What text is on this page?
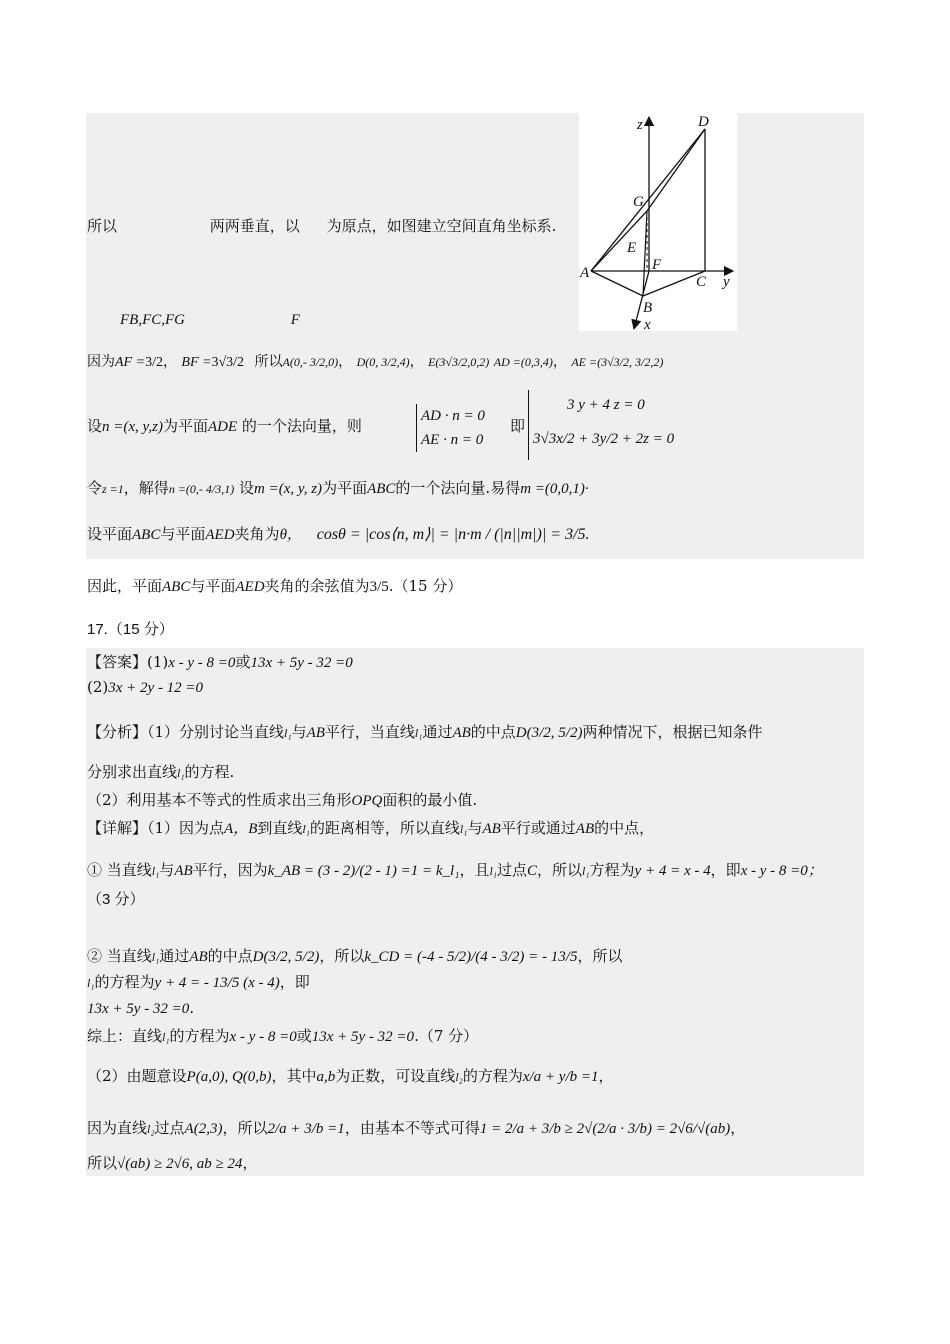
z	D
G
E
A	F
C y
B
x
所以	两两垂直，以 为原点，如图建立空间直角坐标系.
FB,FC,FG	F
因为AF =3/2， BF =3√3/2 所以A(0,- 3/2,0)， D(0, 3/2,4)， E(3√3/2,0,2) AD =(0,3,4)， AE =(3√3/2, 3/2,2)
3 y + 4 z = 0
设n =(x, y,z)为平面ADE 的一个法向量，则
AD · n = 0
AE · n = 0
即
3√3x/2 + 3y/2 + 2z = 0
令z =1，解得n =(0,- 4/3,1) 设m =(x, y, z)为平面ABC的一个法向量.易得m =(0,0,1)·
设平面ABC与平面AED夹角为θ， cosθ = |cos⟨n, m⟩| = |n·m / (|n||m|)| = 3/5.
因此，平面ABC与平面AED夹角的余弦值为3/5.（15 分）
17.（15 分）
【答案】(1)x - y - 8 =0或13x + 5y - 32 =0
(2)3x + 2y - 12 =0
【分析】（1）分别讨论当直线l₁与AB平行，当直线l₁通过AB的中点D(3/2, 5/2)两种情况下，根据已知条件
分别求出直线l₁的方程.
（2）利用基本不等式的性质求出三角形OPQ面积的最小值.
【详解】（1）因为点A，B到直线l₁的距离相等，所以直线l₁与AB平行或通过AB的中点，
① 当直线l₁与AB平行，因为k_AB = (3 - 2)/(2 - 1) =1 = k_l₁，且l₁过点C，所以l₁方程为y + 4 = x - 4，即x - y - 8 =0；
（3 分）
② 当直线l₁通过AB的中点D(3/2, 5/2)，所以k_CD = (-4 - 5/2)/(4 - 3/2) = - 13/5，所以
l₁的方程为y + 4 = - 13/5 (x - 4)，即
13x + 5y - 32 =0.
综上：直线l₁的方程为x - y - 8 =0或13x + 5y - 32 =0.（7 分）
（2）由题意设P(a,0), Q(0,b)，其中a,b为正数，可设直线l₂的方程为x/a + y/b =1，
因为直线l₂过点A(2,3)，所以2/a + 3/b =1，由基本不等式可得1 = 2/a + 3/b ≥ 2√(2/a · 3/b) = 2√6/√(ab)，
所以√(ab) ≥ 2√6, ab ≥ 24，
